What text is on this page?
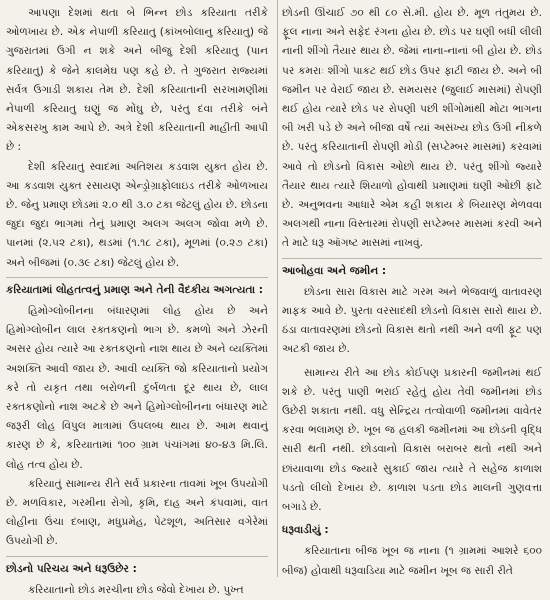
આપણા દેશમાં થતા બે ભિન્ન છોડ કરિયાતા તરીકે ઓળખાય છે. એક નેપાળી કરિયાતુ (કાંખબોલાનુ કરિયાતુ) જે ગુજરાતમાં ઉગી ન શકે અને બીજુ દેશી કરિયાતુ (પાન કરિયાતુ) કે જેને કાલમેઘ પણ કહે છે. તે ગુજરાત રાજ્યમાં સર્વત્ર ઉગાડી શકાય તેમ છે. દેશી કરિયાતાની સરખામણીમાં નેપાળી કરિયાતુ ઘણું જ મોંઘુ છે, પરંતુ દવા તરીકે બંને એકસરખુ કામ આપે છે. અત્રે દેશી કરિયાતાની માહીતી આપી છે :

દેશી કરિયાતુ સ્વાદમાં અતિશય કડવાશ યુક્ત હોય છે. આ કડવાશ યુક્ત રસાયણ એન્ડ્રોગ્રાફોલાઇડ તરીકે ઓળખાય છે. જેનુ પ્રમાણ છોડમાં ૨.૦ થી ૩.૦ ટકા જેટલું હોય છે. છોડના જુદા જુદા ભાગમાં તેનું પ્રમાણ અલગ અલગ જોવા મળે છે. પાનમાં (૨.૫૨ ટકા), થડમાં (૧.૧૮ ટકા), મૂળમાં (૦.૨૭ ટકા) અને બીજમાં (૦.૩૯ ટકા) જેટલું હોય છે.

કરિયાતામાં લોહતત્વનું પ્રમાણ અને તેની વૈદકીય અગત્યતા :

હિમોગ્લોબીનના બંધારણમાં લોહ હોય છે અને હિમોગ્લોબીન લાલ રક્તકણનો ભાગ છે. કમળો અને ઝેરની અસર હોય ત્યારે આ રક્તકણનો નાશ થાય છે અને વ્યક્તિમાં અશક્તિ આવી જાય છે. આવી વ્યક્તિ જો કરિયાતાનો પ્રયોગ કરે તો યકૃત તથા બરોળની દુર્બળતા દૂર થાય છે, લાલ રક્તકણોનો નાશ અટકે છે અને હિમોગ્લોબીનના બંધારણ માટે જરૂરી લોહ વિપુલ માત્રામાં ઉપલબ્ધ થાય છે. આમ થવાનું કારણ છે કે, કરિયાતામાં ૧૦૦ ગ્રામ પંચાંગમાં ૪૦-૪૩ મિ.લિ. લોહ તત્વ હોય છે.

કરિયાતું સામાન્ય રીતે સર્વ પ્રકારના તાવમાં ખૂબ ઉપયોગી છે. મળવિકાર, ગરમીના રોગો, કૃમિ, દાહ અને કંપવામાં, વાત લોહીના ઉંચા દબાણ, મધુપ્રમેહ, પેટશૂળ, અતિસાર વગેરેમાં ઉપયોગી છે.

છોડનો પરિચય અને ધરૂઉછેર :

કરિયાતાનો છોડ મરચીના છોડ જેવો દેખાય છે. પુખ્ત

છોડની ઊંચાઈ ૭૦ થી ૮૦ સે.મી. હોય છે. મૂળ તંતુમય છે. ફૂલ નાના અને સફેદ રંગના હોય છે. છોડ પર ઘણી બધી લીલી નાની શીંગો તૈયાર થાય છે. જેમાં નાના-નાનાં બી હોય છે. છોડ પર કમરાઃ શીંગો પાકટ થઈ છોડ ઉપર ફાટી જાય છે. અને બી જમીન પર વેરાઈ જાય છે. સમયસર (જુલાઈ માસમાં) રોપણી થઈ હોય ત્યારે છોડ પર રોપણી પછી શીંગોમાંથી મોટા ભાગના બી ખરી પડે છે અને બીજા વર્ષે ત્યાં અસંખ્ય છોડ ઉગી નીકળે છે. પરંતુ કરિયાતાની રોપણી મોડી (સપ્ટેમ્બર માસમાં) કરવામાં આવે તો છોડનો વિકાસ ઓછો થાય છે. પરંતુ શીંગો જ્યારે તૈયાર થાય ત્યારે શિયાળો હોવાથી પ્રમાણમાં ઘણી ઓછી ફાટે છે. અનુભવના આધારે એમ કહી શકાય કે બિયારણ મેળવવા અલગથી નાના વિસ્તારમાં રોપણી સપ્ટેમ્બર માસમાં કરવી અને તે માટે ધરૂ ઑગષ્ટ માસમાં નાખવું.

આબોહવા અને જમીન :

છોડના સારા વિકાસ માટે ગરમ અને ભેજવાળું વાતાવરણ માફક આવે છે. પુરતા વરસાદથી છોડનો વિકાસ સારો થાય છે. ઠંડા વાતાવરણમાં છોડનો વિકાસ થતો નથી અને વળી ફૂટ પણ અટકી જાય છે.

સામાન્ય રીતે આ છોડ કોઈપણ પ્રકારની જમીનમાં થઈ શકે છે. પરંતુ પાણી ભરાઈ રહેતું હોય તેવી જમીનમાં છોડ ઉછેરી શકાતા નથી. વધુ સેન્દ્રિય તત્વોવાળી જમીનમાં વાવેતર કરવા ભલામણ છે. ખૂબ જ હલકી જમીનમાં આ છોડની વૃદ્ધિ સારી થતી નથી. છોડવાનો વિકાસ બરાબર થતો નથી અને છાંયાવાળા છોડ જ્યારે સુકાઈ જાય ત્યારે તે સહેજ કાળાશ પડતો લીલો દેખાય છે. કાળાશ પડતા છોડ માલની ગુણવત્તા બગાડે છે.

ધરૂવાડીયું :

કરિયાતાના બીજ ખૂબ જ નાના (૧ ગ્રામમાં આશરે ૬૦૦ બીજ) હોવાથી ધરૂવાડિયા માટે જમીન ખૂબ જ સારી રીતે
